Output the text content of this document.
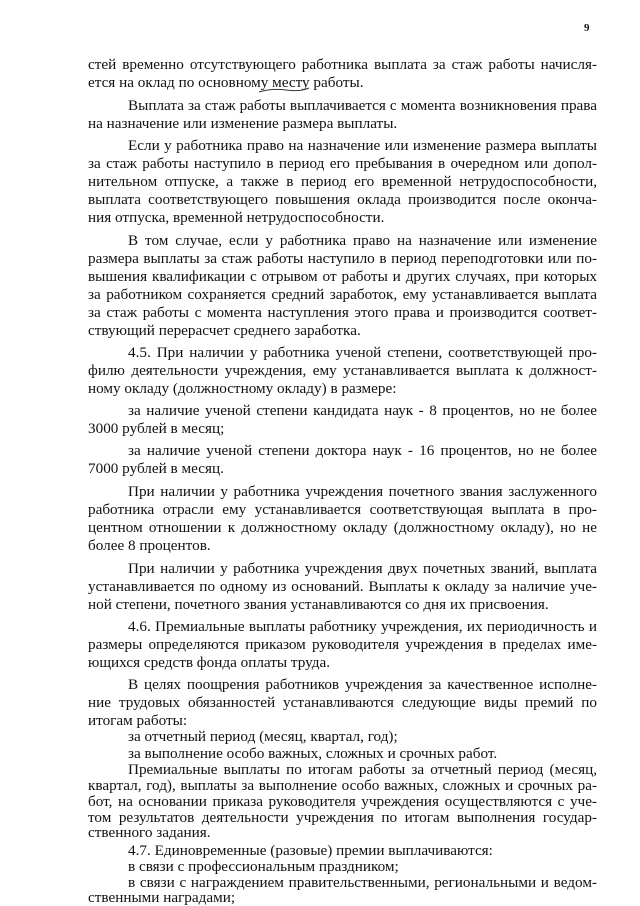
9
стей временно отсутствующего работника выплата за стаж работы начисля-
ется на оклад по основному месту работы.
Выплата за стаж работы выплачивается с момента возникновения права
на назначение или изменение размера выплаты.
Если у работника право на назначение или изменение размера выплаты
за стаж работы наступило в период его пребывания в очередном или допол-
нительном отпуске, а также в период его временной нетрудоспособности,
выплата соответствующего повышения оклада производится после оконча-
ния отпуска, временной нетрудоспособности.
В том случае, если у работника право на назначение или изменение
размера выплаты за стаж работы наступило в период переподготовки или по-
вышения квалификации с отрывом от работы и других случаях, при которых
за работником сохраняется средний заработок, ему устанавливается выплата
за стаж работы с момента наступления этого права и производится соответ-
ствующий перерасчет среднего заработка.
4.5. При наличии у работника ученой степени, соответствующей про-
филю деятельности учреждения, ему устанавливается выплата к должност-
ному окладу (должностному окладу) в размере:
за наличие ученой степени кандидата наук - 8 процентов, но не более
3000 рублей в месяц;
за наличие ученой степени доктора наук - 16 процентов, но не более
7000 рублей в месяц.
При наличии у работника учреждения почетного звания заслуженного
работника отрасли ему устанавливается соответствующая выплата в про-
центном отношении к должностному окладу (должностному окладу), но не
более 8 процентов.
При наличии у работника учреждения двух почетных званий, выплата
устанавливается по одному из оснований. Выплаты к окладу за наличие уче-
ной степени, почетного звания устанавливаются со дня их присвоения.
4.6. Премиальные выплаты работнику учреждения, их периодичность и
размеры определяются приказом руководителя учреждения в пределах име-
ющихся средств фонда оплаты труда.
В целях поощрения работников учреждения за качественное исполне-
ние трудовых обязанностей устанавливаются следующие виды премий по
итогам работы:
за отчетный период (месяц, квартал, год);
за выполнение особо важных, сложных и срочных работ.
Премиальные выплаты по итогам работы за отчетный период (месяц,
квартал, год), выплаты за выполнение особо важных, сложных и срочных ра-
бот, на основании приказа руководителя учреждения осуществляются с уче-
том результатов деятельности учреждения по итогам выполнения государ-
ственного задания.
4.7. Единовременные (разовые) премии выплачиваются:
в связи с профессиональным праздником;
в связи с награждением правительственными, региональными и ведом-
ственными наградами;
